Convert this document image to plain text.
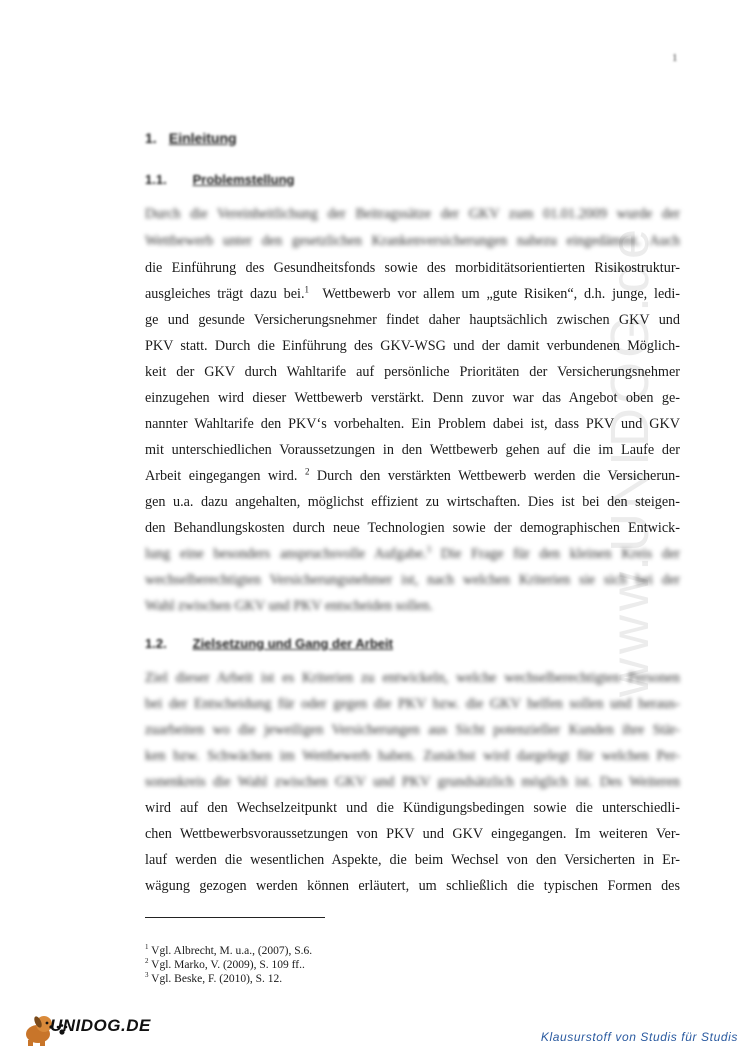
1
www.UNIDOG.de
1. Einleitung
1.1. Problemstellung
Durch die Vereinheitlichung der Beitragssätze der GKV zum 01.01.2009 wurde der
Wettbewerb unter den gesetzlichen Krankenversicherungen nahezu eingedämmt. Auch
die Einführung des Gesundheitsfonds sowie des morbiditätsorientierten Risikostruktur-
ausgleiches trägt dazu bei.$^1$ Wettbewerb vor allem um „gute Risiken“, d.h. junge, ledi-
ge und gesunde Versicherungsnehmer findet daher hauptsächlich zwischen GKV und
PKV statt. Durch die Einführung des GKV-WSG und der damit verbundenen Möglich-
keit der GKV durch Wahltarife auf persönliche Prioritäten der Versicherungsnehmer
einzugehen wird dieser Wettbewerb verstärkt. Denn zuvor war das Angebot oben ge-
nannter Wahltarife den PKV‘s vorbehalten. Ein Problem dabei ist, dass PKV und GKV
mit unterschiedlichen Voraussetzungen in den Wettbewerb gehen auf die im Laufe der
Arbeit eingegangen wird. $^2$ Durch den verstärkten Wettbewerb werden die Versicherun-
gen u.a. dazu angehalten, möglichst effizient zu wirtschaften. Dies ist bei den steigen-
den Behandlungskosten durch neue Technologien sowie der demographischen Entwick-
lung eine besonders anspruchsvolle Aufgabe.$^3$ Die Frage für den kleinen Kreis der
wechselberechtigten Versicherungsnehmer ist, nach welchen Kriterien sie sich bei der
Wahl zwischen GKV und PKV entscheiden sollen.
1.2. Zielsetzung und Gang der Arbeit
Ziel dieser Arbeit ist es Kriterien zu entwickeln, welche wechselberechtigten Personen
bei der Entscheidung für oder gegen die PKV bzw. die GKV helfen sollen und heraus-
zuarbeiten wo die jeweiligen Versicherungen aus Sicht potenzieller Kunden ihre Stär-
ken bzw. Schwächen im Wettbewerb haben. Zunächst wird dargelegt für welchen Per-
sonenkreis die Wahl zwischen GKV und PKV grundsätzlich möglich ist. Des Weiteren
wird auf den Wechselzeitpunkt und die Kündigungsbedingen sowie die unterschiedli-
chen Wettbewerbsvoraussetzungen von PKV und GKV eingegangen. Im weiteren Ver-
lauf werden die wesentlichen Aspekte, die beim Wechsel von den Versicherten in Er-
wägung gezogen werden können erläutert, um schließlich die typischen Formen des
$^1$ Vgl. Albrecht, M. u.a., (2007), S.6.
$^2$ Vgl. Marko, V. (2009), S. 109 ff..
$^3$ Vgl. Beske, F. (2010), S. 12.
UNIDOG.DE
Klausurstoff von Studis für Studis
